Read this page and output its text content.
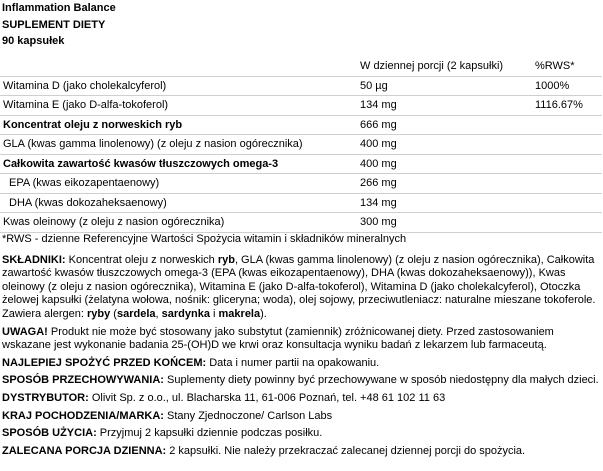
Inflammation Balance
SUPLEMENT DIETY
90 kapsułek
	W dziennej porcji (2 kapsułki)	%RWS*
Witamina D (jako cholekalcyferol)	50 µg	1000%
Witamina E (jako D-alfa-tokoferol)	134 mg	1116.67%
Koncentrat oleju z norweskich ryb	666 mg	
GLA (kwas gamma linolenowy) (z oleju z nasion ogórecznika)	400 mg	
Całkowita zawartość kwasów tłuszczowych omega-3	400 mg	
EPA (kwas eikozapentaenowy)	266 mg	
DHA (kwas dokozaheksaenowy)	134 mg	
Kwas oleinowy (z oleju z nasion ogórecznika)	300 mg	

*RWS - dzienne Referencyjne Wartości Spożycia witamin i składników mineralnych

SKŁADNIKI: Koncentrat oleju z norweskich ryb, GLA (kwas gamma linolenowy) (z oleju z nasion ogórecznika), Całkowita zawartość kwasów tłuszczowych omega-3 (EPA (kwas eikozapentaenowy), DHA (kwas dokozaheksaenowy)), Kwas oleinowy (z oleju z nasion ogórecznika), Witamina E (jako D-alfa-tokoferol), Witamina D (jako cholekalcyferol), Otoczka żelowej kapsułki (żelatyna wołowa, nośnik: gliceryna; woda), olej sojowy, przeciwutleniacz: naturalne mieszane tokoferole. Zawiera alergen: ryby (sardela, sardynka i makrela).

UWAGA! Produkt nie może być stosowany jako substytut (zamiennik) zróżnicowanej diety. Przed zastosowaniem wskazane jest wykonanie badania 25-(OH)D we krwi oraz konsultacja wyniku badań z lekarzem lub farmaceutą.

NAJLEPIEJ SPOŻYĆ PRZED KOŃCEM: Data i numer partii na opakowaniu.

SPOSÓB PRZECHOWYWANIA: Suplementy diety powinny być przechowywane w sposób niedostępny dla małych dzieci.

DYSTRYBUTOR: Olivit Sp. z o.o., ul. Blacharska 11, 61-006 Poznań, tel. +48 61 102 11 63

KRAJ POCHODZENIA/MARKA: Stany Zjednoczone/ Carlson Labs

SPOSÓB UŻYCIA: Przyjmuj 2 kapsułki dziennie podczas posiłku.

ZALECANA PORCJA DZIENNA: 2 kapsułki. Nie należy przekraczać zalecanej dziennej porcji do spożycia.
